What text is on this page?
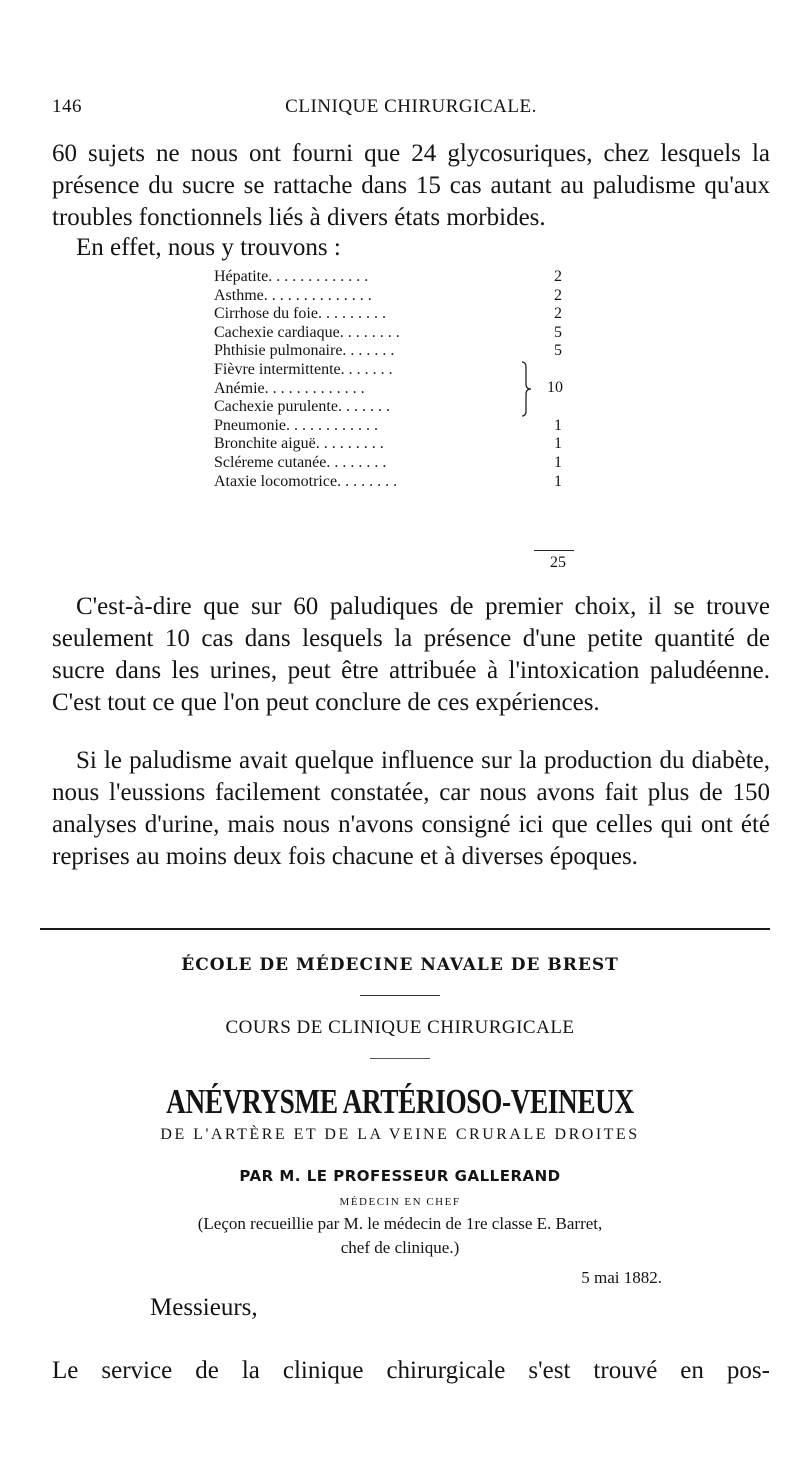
146	CLINIQUE CHIRURGICALE.

60 sujets ne nous ont fourni que 24 glycosuriques, chez lesquels la présence du sucre se rattache dans 15 cas autant au paludisme qu'aux troubles fonctionnels liés à divers états morbides.

En effet, nous y trouvons :

Hépatite. . . . . . . . . . . . .	2
Asthme. . . . . . . . . . . . . .	2
Cirrhose du foie. . . . . . . . .	2
Cachexie cardiaque. . . . . . . .	5
Phthisie pulmonaire. . . . . . .	5
Fièvre intermittente. . . . . . .
Anémie. . . . . . . . . . . . .
Cachexie purulente. . . . . . .
10
Pneumonie. . . . . . . . . . . .	1
Bronchite aiguë. . . . . . . . .	1
Scléreme cutanée. . . . . . . .	1
Ataxie locomotrice. . . . . . . .	1
25

C'est-à-dire que sur 60 paludiques de premier choix, il se trouve seulement 10 cas dans lesquels la présence d'une petite quantité de sucre dans les urines, peut être attribuée à l'intoxication paludéenne. C'est tout ce que l'on peut conclure de ces expériences.

Si le paludisme avait quelque influence sur la production du diabète, nous l'eussions facilement constatée, car nous avons fait plus de 150 analyses d'urine, mais nous n'avons consigné ici que celles qui ont été reprises au moins deux fois chacune et à diverses époques.

ÉCOLE DE MÉDECINE NAVALE DE BREST
COURS DE CLINIQUE CHIRURGICALE
ANÉVRYSME ARTÉRIOSO-VEINEUX
DE L'ARTÈRE ET DE LA VEINE CRURALE DROITES
PAR M. LE PROFESSEUR GALLERAND
MÉDECIN EN CHEF
(Leçon recueillie par M. le médecin de 1re classe E. Barret,
chef de clinique.)
5 mai 1882.
Messieurs,
Le service de la clinique chirurgicale s'est trouvé en pos-
